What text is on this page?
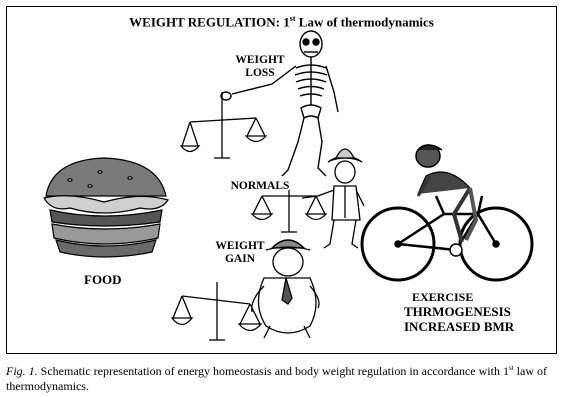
WEIGHT REGULATION: 1st Law of thermodynamics
WEIGHT
LOSS
NORMALS
WEIGHT
GAIN
FOOD
EXERCISE
THRMOGENESIS
INCREASED BMR
Fig. 1. Schematic representation of energy homeostasis and body weight regulation in accordance with 1st law of thermodynamics.
